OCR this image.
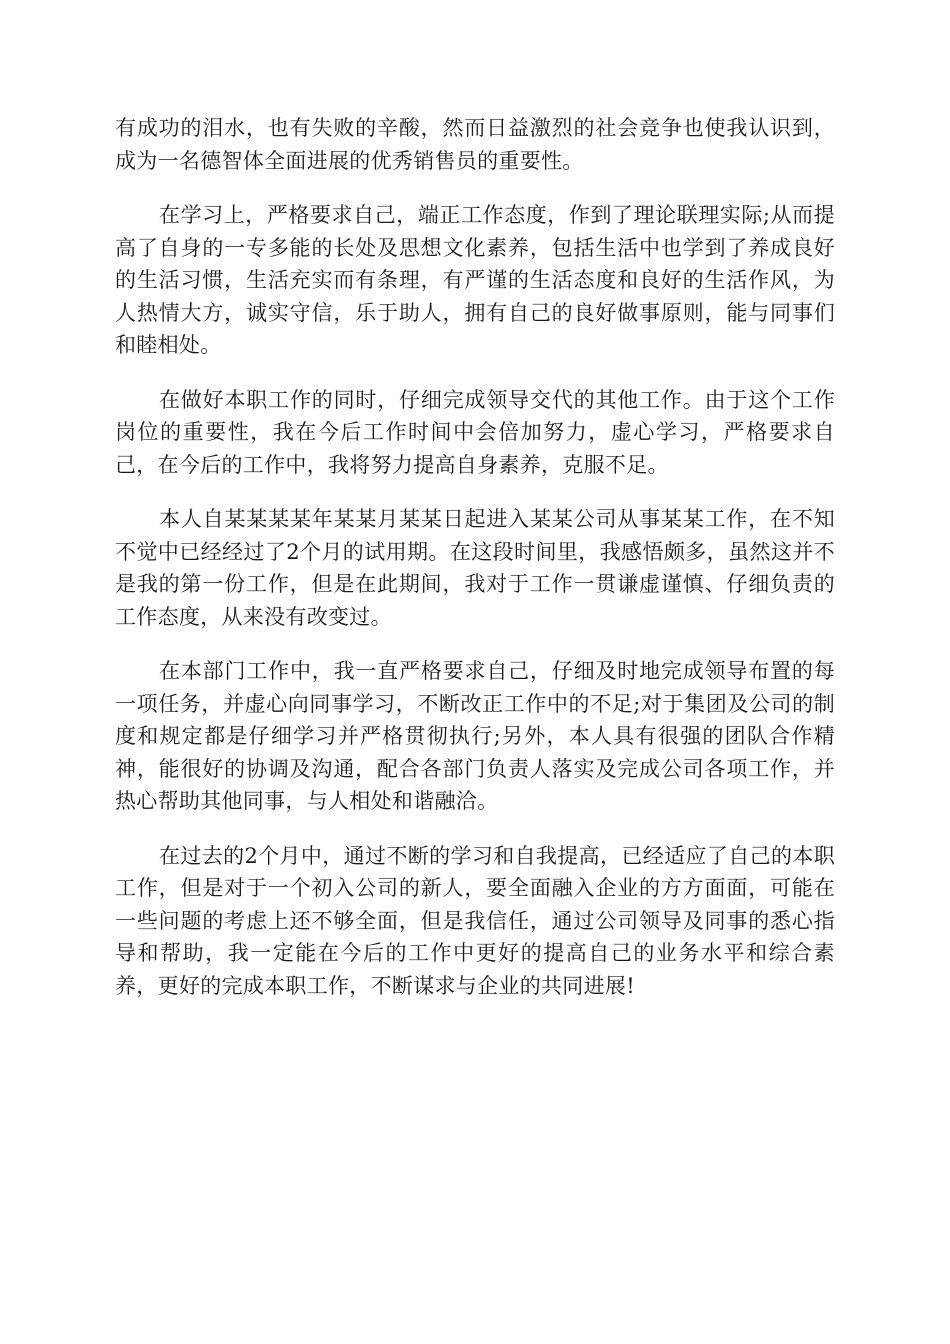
有成功的泪水，也有失败的辛酸，然而日益激烈的社会竞争也使我认识到，成为一名德智体全面进展的优秀销售员的重要性。

在学习上，严格要求自己，端正工作态度，作到了理论联理实际;从而提高了自身的一专多能的长处及思想文化素养，包括生活中也学到了养成良好的生活习惯，生活充实而有条理，有严谨的生活态度和良好的生活作风，为人热情大方，诚实守信，乐于助人，拥有自己的良好做事原则，能与同事们和睦相处。

在做好本职工作的同时，仔细完成领导交代的其他工作。由于这个工作岗位的重要性，我在今后工作时间中会倍加努力，虚心学习，严格要求自己，在今后的工作中，我将努力提高自身素养，克服不足。

本人自某某某某年某某月某某日起进入某某公司从事某某工作，在不知不觉中已经经过了2个月的试用期。在这段时间里，我感悟颇多，虽然这并不是我的第一份工作，但是在此期间，我对于工作一贯谦虚谨慎、仔细负责的工作态度，从来没有改变过。

在本部门工作中，我一直严格要求自己，仔细及时地完成领导布置的每一项任务，并虚心向同事学习，不断改正工作中的不足;对于集团及公司的制度和规定都是仔细学习并严格贯彻执行;另外，本人具有很强的团队合作精神，能很好的协调及沟通，配合各部门负责人落实及完成公司各项工作，并热心帮助其他同事，与人相处和谐融洽。

在过去的2个月中，通过不断的学习和自我提高，已经适应了自己的本职工作，但是对于一个初入公司的新人，要全面融入企业的方方面面，可能在一些问题的考虑上还不够全面，但是我信任，通过公司领导及同事的悉心指导和帮助，我一定能在今后的工作中更好的提高自己的业务水平和综合素养，更好的完成本职工作，不断谋求与企业的共同进展!
